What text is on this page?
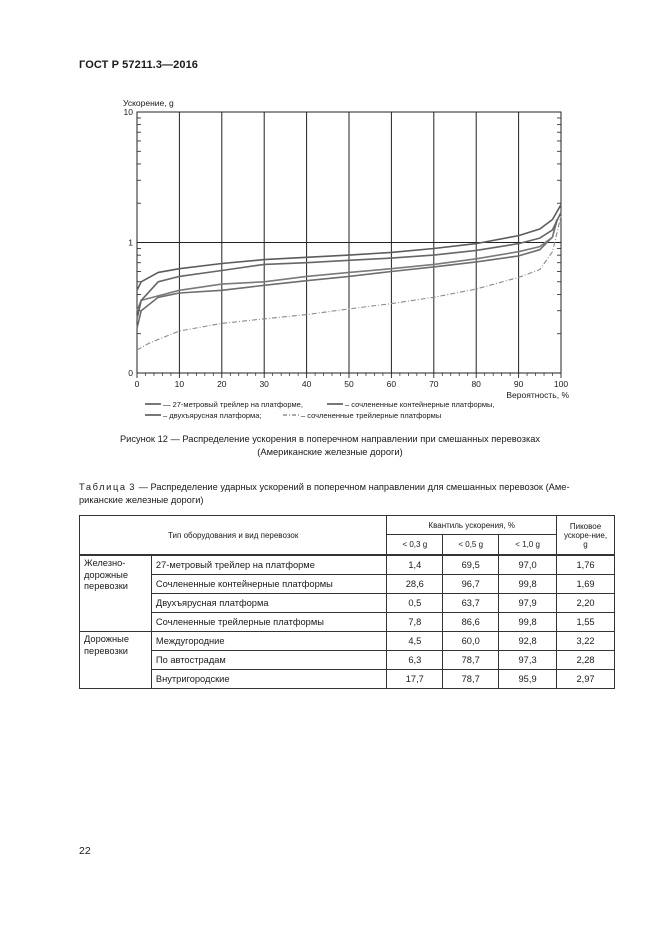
ГОСТ Р 57211.3—2016
Ускорение, g
10
1
0
0	10	20	30	40	50	60	70	80	90	100
Вероятность, %
— 27-метровый трейлер на платформе,	– сочлененные контейнерные платформы,
– двухъярусная платформа;	– сочлененные трейлерные платформы
Рисунок 12 — Распределение ускорения в поперечном направлении при смешанных перевозках
(Американские железные дороги)
Таблица 3 — Распределение ударных ускорений в поперечном направлении для смешанных перевозок (Аме-
риканские железные дороги)
Тип оборудования и вид перевозок		Квантиль ускорения, %			Пиковое ускоре-ние, g
		< 0,3 g	< 0,5 g	< 1,0 g	
Железно-дорожные перевозки	27-метровый трейлер на платформе	1,4	69,5	97,0	1,76
	Сочлененные контейнерные платформы	28,6	96,7	99,8	1,69
	Двухъярусная платформа	0,5	63,7	97,9	2,20
	Сочлененные трейлерные платформы	7,8	86,6	99,8	1,55
Дорожные перевозки	Междугородние	4,5	60,0	92,8	3,22
	По автострадам	6,3	78,7	97,3	2,28
	Внутригородские	17,7	78,7	95,9	2,97
22
